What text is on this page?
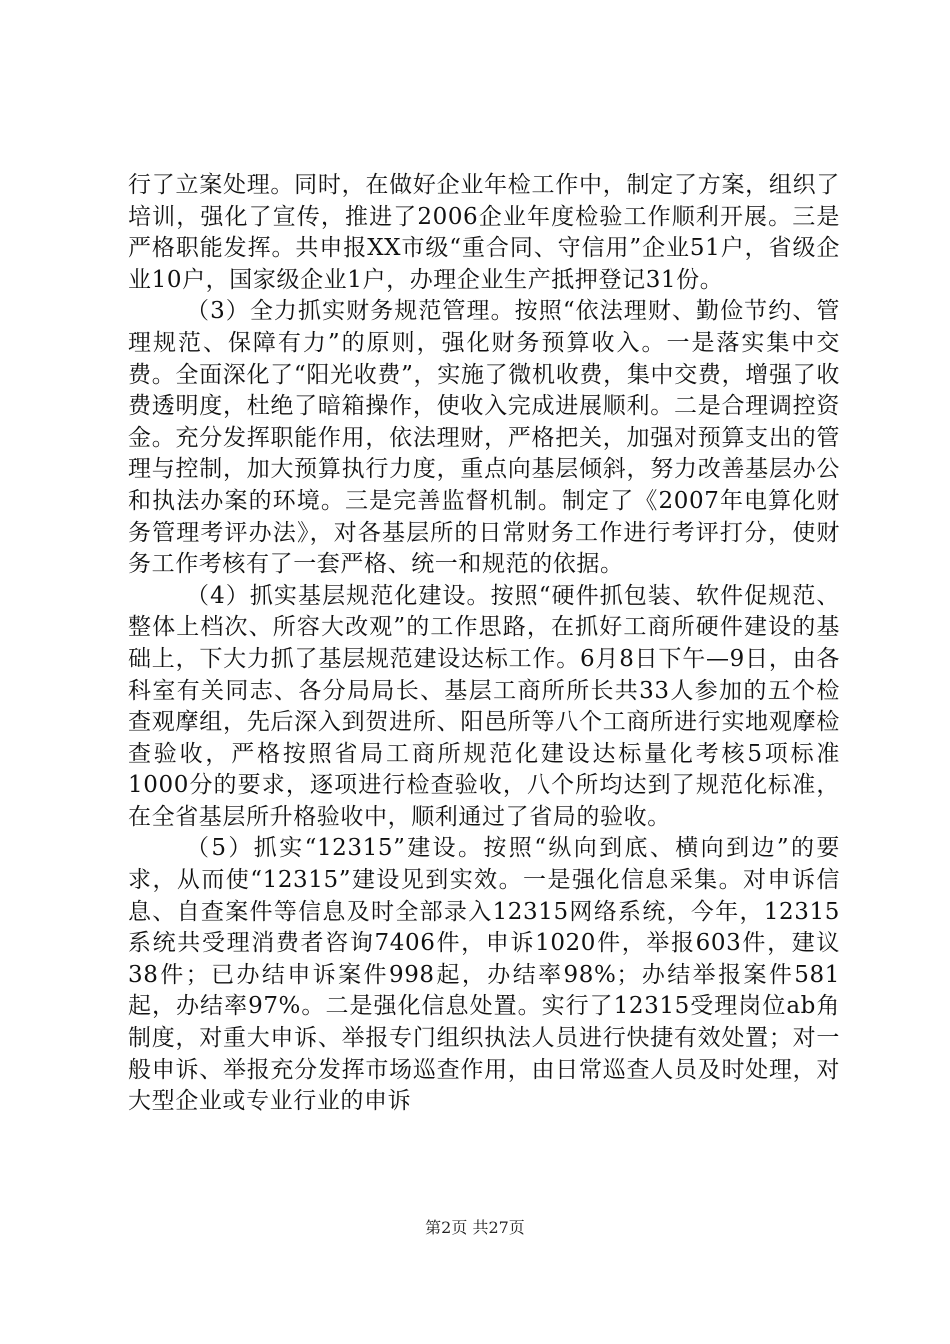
行了立案处理。同时，在做好企业年检工作中，制定了方案，组织了培训，强化了宣传，推进了2006企业年度检验工作顺利开展。三是严格职能发挥。共申报XX市级“重合同、守信用”企业51户，省级企业10户，国家级企业1户，办理企业生产抵押登记31份。

（3）全力抓实财务规范管理。按照“依法理财、勤俭节约、管理规范、保障有力”的原则，强化财务预算收入。一是落实集中交费。全面深化了“阳光收费”，实施了微机收费，集中交费，增强了收费透明度，杜绝了暗箱操作，使收入完成进展顺利。二是合理调控资金。充分发挥职能作用，依法理财，严格把关，加强对预算支出的管理与控制，加大预算执行力度，重点向基层倾斜，努力改善基层办公和执法办案的环境。三是完善监督机制。制定了《2007年电算化财务管理考评办法》，对各基层所的日常财务工作进行考评打分，使财务工作考核有了一套严格、统一和规范的依据。

（4）抓实基层规范化建设。按照“硬件抓包装、软件促规范、整体上档次、所容大改观”的工作思路，在抓好工商所硬件建设的基础上，下大力抓了基层规范建设达标工作。6月8日下午—9日，由各科室有关同志、各分局局长、基层工商所所长共33人参加的五个检查观摩组，先后深入到贺进所、阳邑所等八个工商所进行实地观摩检查验收，严格按照省局工商所规范化建设达标量化考核5项标准1000分的要求，逐项进行检查验收，八个所均达到了规范化标准，在全省基层所升格验收中，顺利通过了省局的验收。

（5）抓实“12315”建设。按照“纵向到底、横向到边”的要求，从而使“12315”建设见到实效。一是强化信息采集。对申诉信息、自查案件等信息及时全部录入12315网络系统，今年，12315系统共受理消费者咨询7406件，申诉1020件，举报603件，建议38件；已办结申诉案件998起，办结率98%；办结举报案件581起，办结率97%。二是强化信息处置。实行了12315受理岗位ab角制度，对重大申诉、举报专门组织执法人员进行快捷有效处置；对一般申诉、举报充分发挥市场巡查作用，由日常巡查人员及时处理，对大型企业或专业行业的申诉

第2页 共27页
